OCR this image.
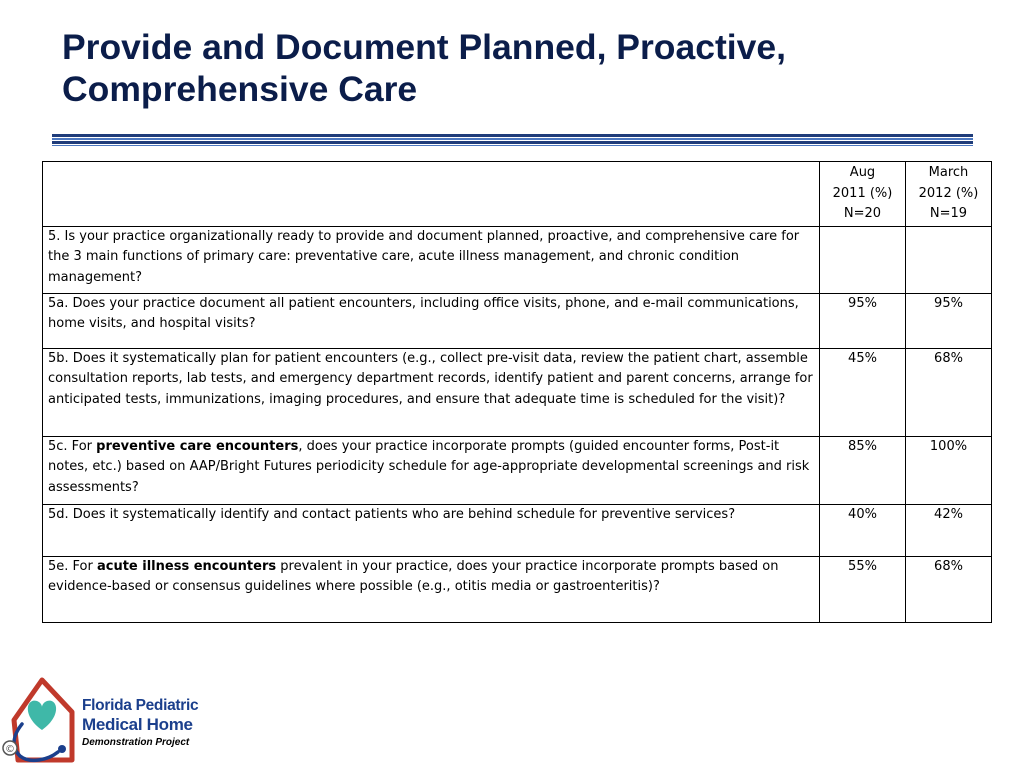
Provide and Document Planned, Proactive, Comprehensive Care
	Aug
2011 (%)
N=20	March
2012 (%)
N=19
5. Is your practice organizationally ready to provide and document planned, proactive, and comprehensive care for the 3 main functions of primary care: preventative care, acute illness management, and chronic condition management?		
5a. Does your practice document all patient encounters, including office visits, phone, and e-mail communications, home visits, and hospital visits?	95%	95%
5b. Does it systematically plan for patient encounters (e.g., collect pre-visit data, review the patient chart, assemble consultation reports, lab tests, and emergency department records, identify patient and parent concerns, arrange for anticipated tests, immunizations, imaging procedures, and ensure that adequate time is scheduled for the visit)?	45%	68%
5c. For preventive care encounters, does your practice incorporate prompts (guided encounter forms, Post-it notes, etc.) based on AAP/Bright Futures periodicity schedule for age-appropriate developmental screenings and risk assessments?	85%	100%
5d. Does it systematically identify and contact patients who are behind schedule for preventive services?	40%	42%
5e. For acute illness encounters prevalent in your practice, does your practice incorporate prompts based on evidence-based or consensus guidelines where possible (e.g., otitis media or gastroenteritis)?	55%	68%
©
Florida Pediatric
Medical Home
Demonstration Project
